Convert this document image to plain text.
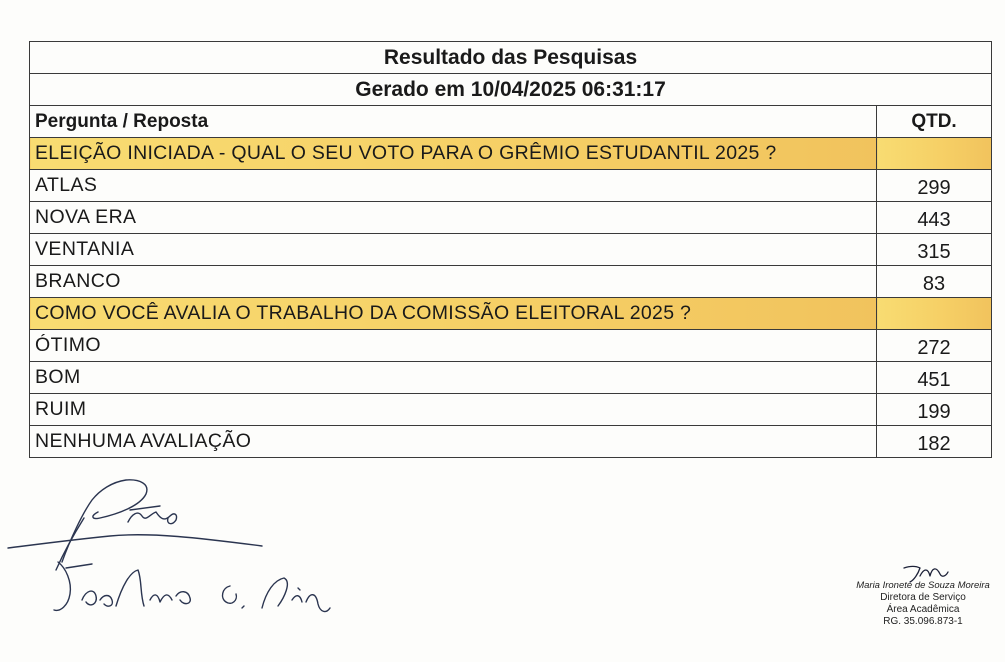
Resultado das Pesquisas	
Gerado em 10/04/2025 06:31:17	
Pergunta / Reposta	QTD.
ELEIÇÃO INICIADA - QUAL O SEU VOTO PARA O GRÊMIO ESTUDANTIL 2025 ?	
ATLAS	299
NOVA ERA	443
VENTANIA	315
BRANCO	83
COMO VOCÊ AVALIA O TRABALHO DA COMISSÃO ELEITORAL 2025 ?	
ÓTIMO	272
BOM	451
RUIM	199
NENHUMA AVALIAÇÃO	182
Maria Ironete de Souza Moreira
Diretora de Serviço
Área Acadêmica
RG. 35.096.873-1
